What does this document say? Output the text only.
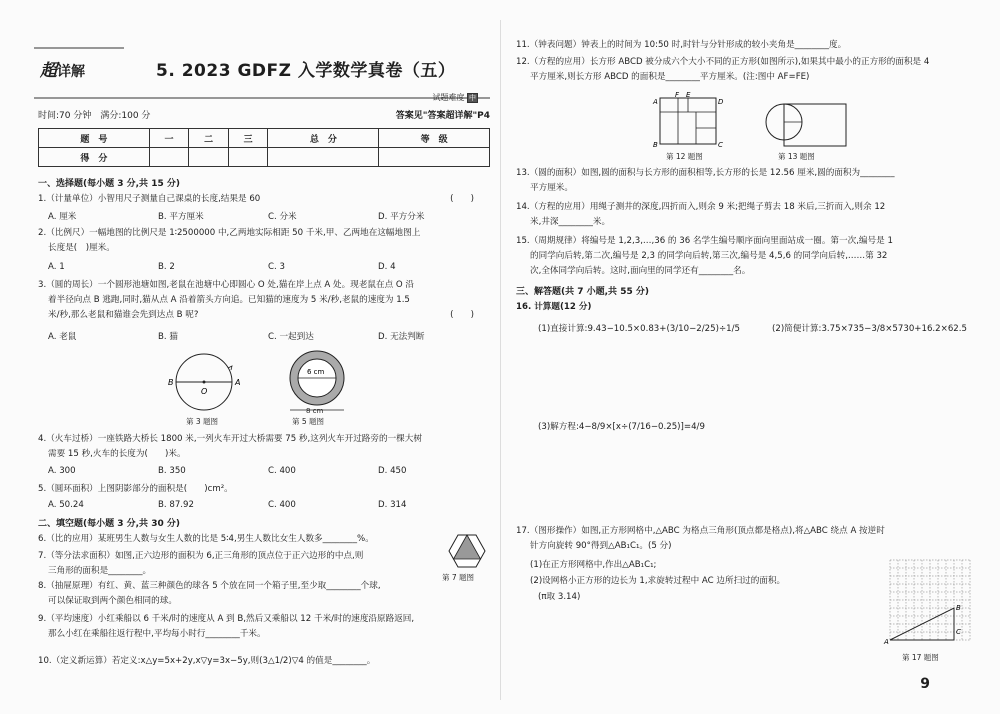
超详解	5. 2023 GDFZ 入学数学真卷（五）
试题难度 中
时间:70 分钟　满分:100 分	答案见"答案超详解"P4
题　号	一	二	三	总　分	等　级
得　分					
一、选择题(每小题 3 分,共 15 分)
1.（计量单位）小智用尺子测量自己课桌的长度,结果是 60	(　　)
A. 厘米	B. 平方厘米	C. 分米	D. 平方分米
2.（比例尺）一幅地图的比例尺是 1∶2500000 中,乙两地实际相距 50 千米,甲、乙两地在这幅地图上
长度是(　)厘米。
A. 1	B. 2	C. 3	D. 4
3.（圆的周长）一个圆形池塘如图,老鼠在池塘中心即圆心 O 处,猫在岸上点 A 处。现老鼠在点 O 沿
着半径向点 B 逃跑,同时,猫从点 A 沿着箭头方向追。已知猫的速度为 5 米/秒,老鼠的速度为 1.5
米/秒,那么老鼠和猫谁会先到达点 B 呢?	(　　)
A. 老鼠	B. 猫	C. 一起到达	D. 无法判断
B	A
O
第 3 题图
6 cm
8 cm
第 5 题图
4.（火车过桥）一座铁路大桥长 1800 米,一列火车开过大桥需要 75 秒,这列火车开过路旁的一棵大树
需要 15 秒,火车的长度为(　　)米。
A. 300	B. 350	C. 400	D. 450
5.（圆环面积）上图阴影部分的面积是(　　)cm²。
A. 50.24	B. 87.92	C. 400	D. 314
二、填空题(每小题 3 分,共 30 分)
6.（比的应用）某班男生人数与女生人数的比是 5∶4,男生人数比女生人数多________%。
7.（等分法求面积）如图,正六边形的面积为 6,正三角形的顶点位于正六边形的中点,则
三角形的面积是________。
第 7 题图
8.（抽屉原理）有红、黄、蓝三种颜色的球各 5 个放在同一个箱子里,至少取________个球,
可以保证取到两个颜色相同的球。
9.（平均速度）小红乘船以 6 千米/时的速度从 A 到 B,然后又乘船以 12 千米/时的速度沿原路返回,
那么小红在乘船往返行程中,平均每小时行________千米。
10.（定义新运算）若定义:x△y=5x+2y,x▽y=3x−5y,则(3△1/2)▽4 的值是________。
11.（钟表问题）钟表上的时间为 10:50 时,时针与分针形成的较小夹角是________度。
12.（方程的应用）长方形 ABCD 被分成六个大小不同的正方形(如图所示),如果其中最小的正方形的面积是 4
平方厘米,则长方形 ABCD 的面积是________平方厘米。(注:图中 AF=FE)
A
F E
D
B	C
第 12 题图	第 13 题图
13.（圆的面积）如图,圆的面积与长方形的面积相等,长方形的长是 12.56 厘米,圆的面积为________
平方厘米。
14.（方程的应用）用绳子测井的深度,四折而入,则余 9 米;把绳子剪去 18 米后,三折而入,则余 12
米,井深________米。
15.（周期规律）将编号是 1,2,3,…,36 的 36 名学生编号顺序面向里面站成一圈。第一次,编号是 1
的同学向后转,第二次,编号是 2,3 的同学向后转,第三次,编号是 4,5,6 的同学向后转,……第 32
次,全体同学向后转。这时,面向里的同学还有________名。
三、解答题(共 7 小题,共 55 分)
16. 计算题(12 分)
(1)直接计算:9.43−10.5×0.83+(3/10−2/25)÷1/5	(2)简便计算:3.75×735−3/8×5730+16.2×62.5
(3)解方程:4−8/9×[x÷(7/16−0.25)]=4/9
17.（图形操作）如图,正方形网格中,△ABC 为格点三角形(顶点都是格点),将△ABC 绕点 A 按逆时
针方向旋转 90°得到△AB₁C₁。(5 分)
(1)在正方形网格中,作出△AB₁C₁;
(2)设网格小正方形的边长为 1,求旋转过程中 AC 边所扫过的面积。
(π取 3.14)
A
B
C
第 17 题图
9
